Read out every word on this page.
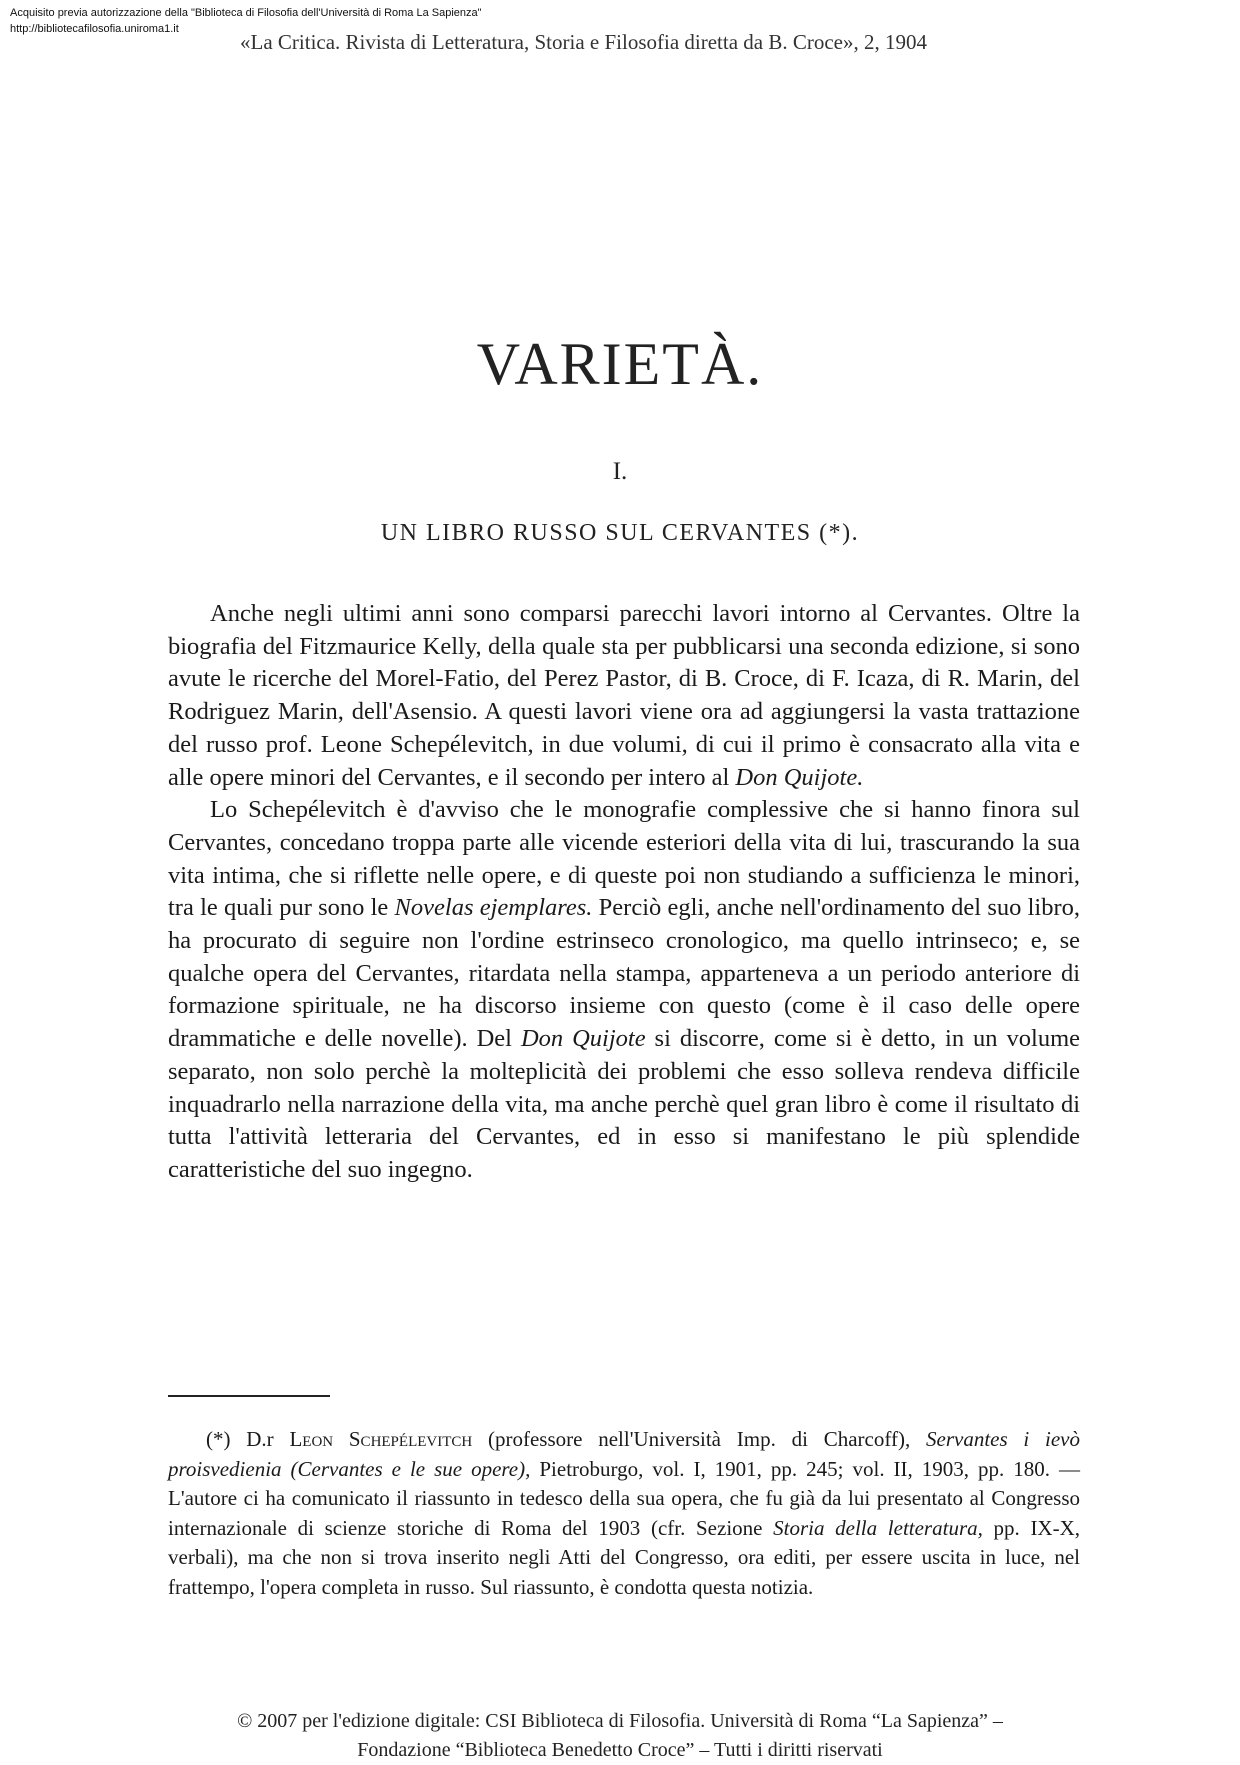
Acquisito previa autorizzazione della "Biblioteca di Filosofia dell'Università di Roma La Sapienza"
http://bibliotecafilosofia.uniroma1.it
«La Critica. Rivista di Letteratura, Storia e Filosofia diretta da B. Croce», 2, 1904
VARIETÀ.
I.
UN LIBRO RUSSO SUL CERVANTES (*).

Anche negli ultimi anni sono comparsi parecchi lavori intorno al Cervantes. Oltre la biografia del Fitzmaurice Kelly, della quale sta per pubblicarsi una seconda edizione, si sono avute le ricerche del Morel-Fatio, del Perez Pastor, di B. Croce, di F. Icaza, di R. Marin, del Rodriguez Marin, dell'Asensio. A questi lavori viene ora ad aggiungersi la vasta trattazione del russo prof. Leone Schepélevitch, in due volumi, di cui il primo è consacrato alla vita e alle opere minori del Cervantes, e il secondo per intero al Don Quijote.

Lo Schepélevitch è d'avviso che le monografie complessive che si hanno finora sul Cervantes, concedano troppa parte alle vicende esteriori della vita di lui, trascurando la sua vita intima, che si riflette nelle opere, e di queste poi non studiando a sufficienza le minori, tra le quali pur sono le Novelas ejemplares. Perciò egli, anche nell'ordinamento del suo libro, ha procurato di seguire non l'ordine estrinseco cronologico, ma quello intrinseco; e, se qualche opera del Cervantes, ritardata nella stampa, apparteneva a un periodo anteriore di formazione spirituale, ne ha discorso insieme con questo (come è il caso delle opere drammatiche e delle novelle). Del Don Quijote si discorre, come si è detto, in un volume separato, non solo perchè la molteplicità dei problemi che esso solleva rendeva difficile inquadrarlo nella narrazione della vita, ma anche perchè quel gran libro è come il risultato di tutta l'attività letteraria del Cervantes, ed in esso si manifestano le più splendide caratteristiche del suo ingegno.

(*) D.r Leon Schepélevitch (professore nell'Università Imp. di Charcoff), Servantes i ievò proisvedienia (Cervantes e le sue opere), Pietroburgo, vol. I, 1901, pp. 245; vol. II, 1903, pp. 180. — L'autore ci ha comunicato il riassunto in tedesco della sua opera, che fu già da lui presentato al Congresso internazionale di scienze storiche di Roma del 1903 (cfr. Sezione Storia della letteratura, pp. IX-X, verbali), ma che non si trova inserito negli Atti del Congresso, ora editi, per essere uscita in luce, nel frattempo, l'opera completa in russo. Sul riassunto, è condotta questa notizia.

© 2007 per l'edizione digitale: CSI Biblioteca di Filosofia. Università di Roma “La Sapienza” –
Fondazione “Biblioteca Benedetto Croce” – Tutti i diritti riservati
